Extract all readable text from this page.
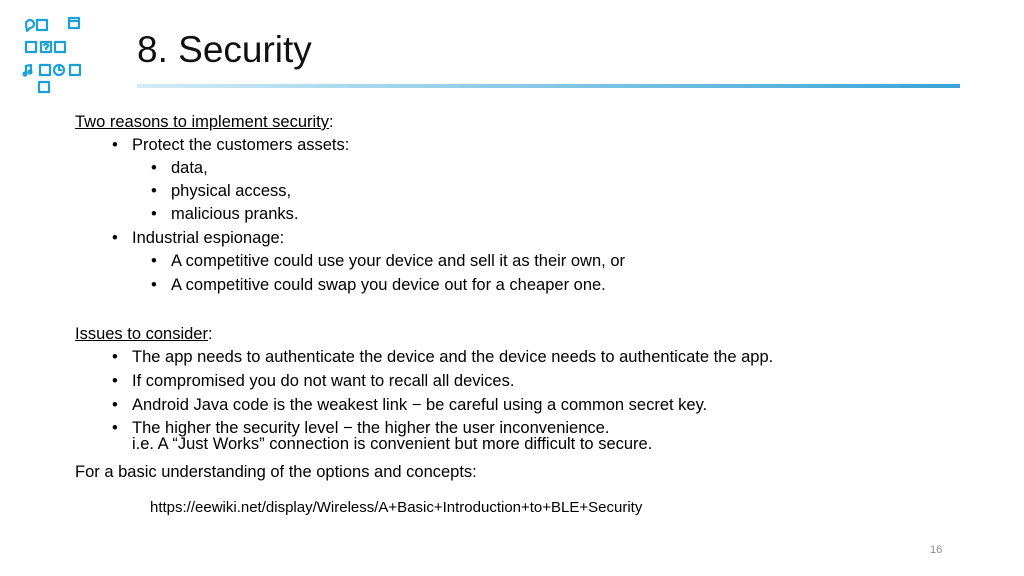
8. Security
Two reasons to implement security:
• Protect the customers assets:
• data,
• physical access,
• malicious pranks.
• Industrial espionage:
• A competitive could use your device and sell it as their own, or
• A competitive could swap you device out for a cheaper one.
Issues to consider:
• The app needs to authenticate the device and the device needs to authenticate the app.
• If compromised you do not want to recall all devices.
• Android Java code is the weakest link − be careful using a common secret key.
• The higher the security level − the higher the user inconvenience.
i.e. A “Just Works” connection is convenient but more difficult to secure.
For a basic understanding of the options and concepts:
https://eewiki.net/display/Wireless/A+Basic+Introduction+to+BLE+Security
16
